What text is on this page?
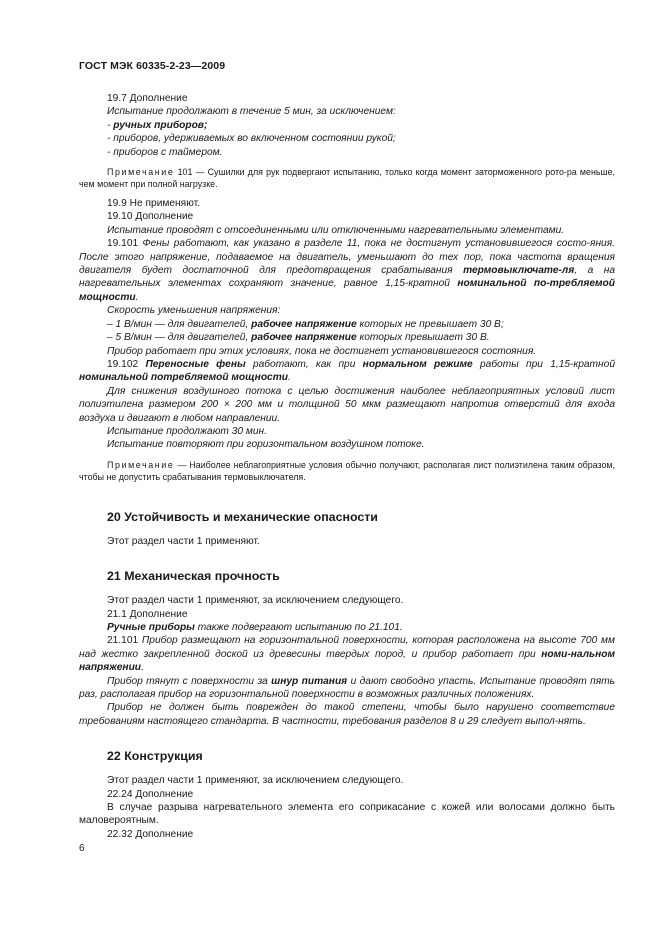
ГОСТ МЭК 60335-2-23—2009

19.7 Дополнение

Испытание продолжают в течение 5 мин, за исключением:

- ручных приборов;

- приборов, удерживаемых во включенном состоянии рукой;

- приборов с таймером.

Примечание 101 — Сушилки для рук подвергают испытанию, только когда момент заторможенного рото-ра меньше, чем момент при полной нагрузке.

19.9 Не применяют.

19.10 Дополнение

Испытание проводят с отсоединенными или отключенными нагревательными элементами.

19.101 Фены работают, как указано в разделе 11, пока не достигнут установившегося состо-яния. После этого напряжение, подаваемое на двигатель, уменьшают до тех пор, пока частота вращения двигателя будет достаточной для предотвращения срабатывания термовыключате-ля, а на нагревательных элементах сохраняют значение, равное 1,15-кратной номинальной по-требляемой мощности.

Скорость уменьшения напряжения:

– 1 В/мин — для двигателей, рабочее напряжение которых не превышает 30 В;

– 5 В/мин — для двигателей, рабочее напряжение которых превышает 30 В.

Прибор работает при этих условиях, пока не достигнет установившегося состояния.

19.102 Переносные фены работают, как при нормальном режиме работы при 1,15-кратной номинальной потребляемой мощности.

Для снижения воздушного потока с целью достижения наиболее неблагоприятных условий лист полиэтилена размером 200 × 200 мм и толщиной 50 мкм размещают напротив отверстий для входа воздуха и двигают в любом направлении.

Испытание продолжают 30 мин.

Испытание повторяют при горизонтальном воздушном потоке.

Примечание — Наиболее неблагоприятные условия обычно получают, располагая лист полиэтилена таким образом, чтобы не допустить срабатывания термовыключателя.

20 Устойчивость и механические опасности

Этот раздел части 1 применяют.

21 Механическая прочность

Этот раздел части 1 применяют, за исключением следующего.

21.1 Дополнение

Ручные приборы также подвергают испытанию по 21.101.

21.101 Прибор размещают на горизонтальной поверхности, которая расположена на высоте 700 мм над жестко закрепленной доской из древесины твердых пород, и прибор работает при номи-нальном напряжении.

Прибор тянут с поверхности за шнур питания и дают свободно упасть. Испытание проводят пять раз, располагая прибор на горизонтальной поверхности в возможных различных положениях.

Прибор не должен быть поврежден до такой степени, чтобы было нарушено соответствие требованиям настоящего стандарта. В частности, требования разделов 8 и 29 следует выпол-нять.

22 Конструкция

Этот раздел части 1 применяют, за исключением следующего.

22.24 Дополнение

В случае разрыва нагревательного элемента его соприкасание с кожей или волосами должно быть маловероятным.

22.32 Дополнение

6
